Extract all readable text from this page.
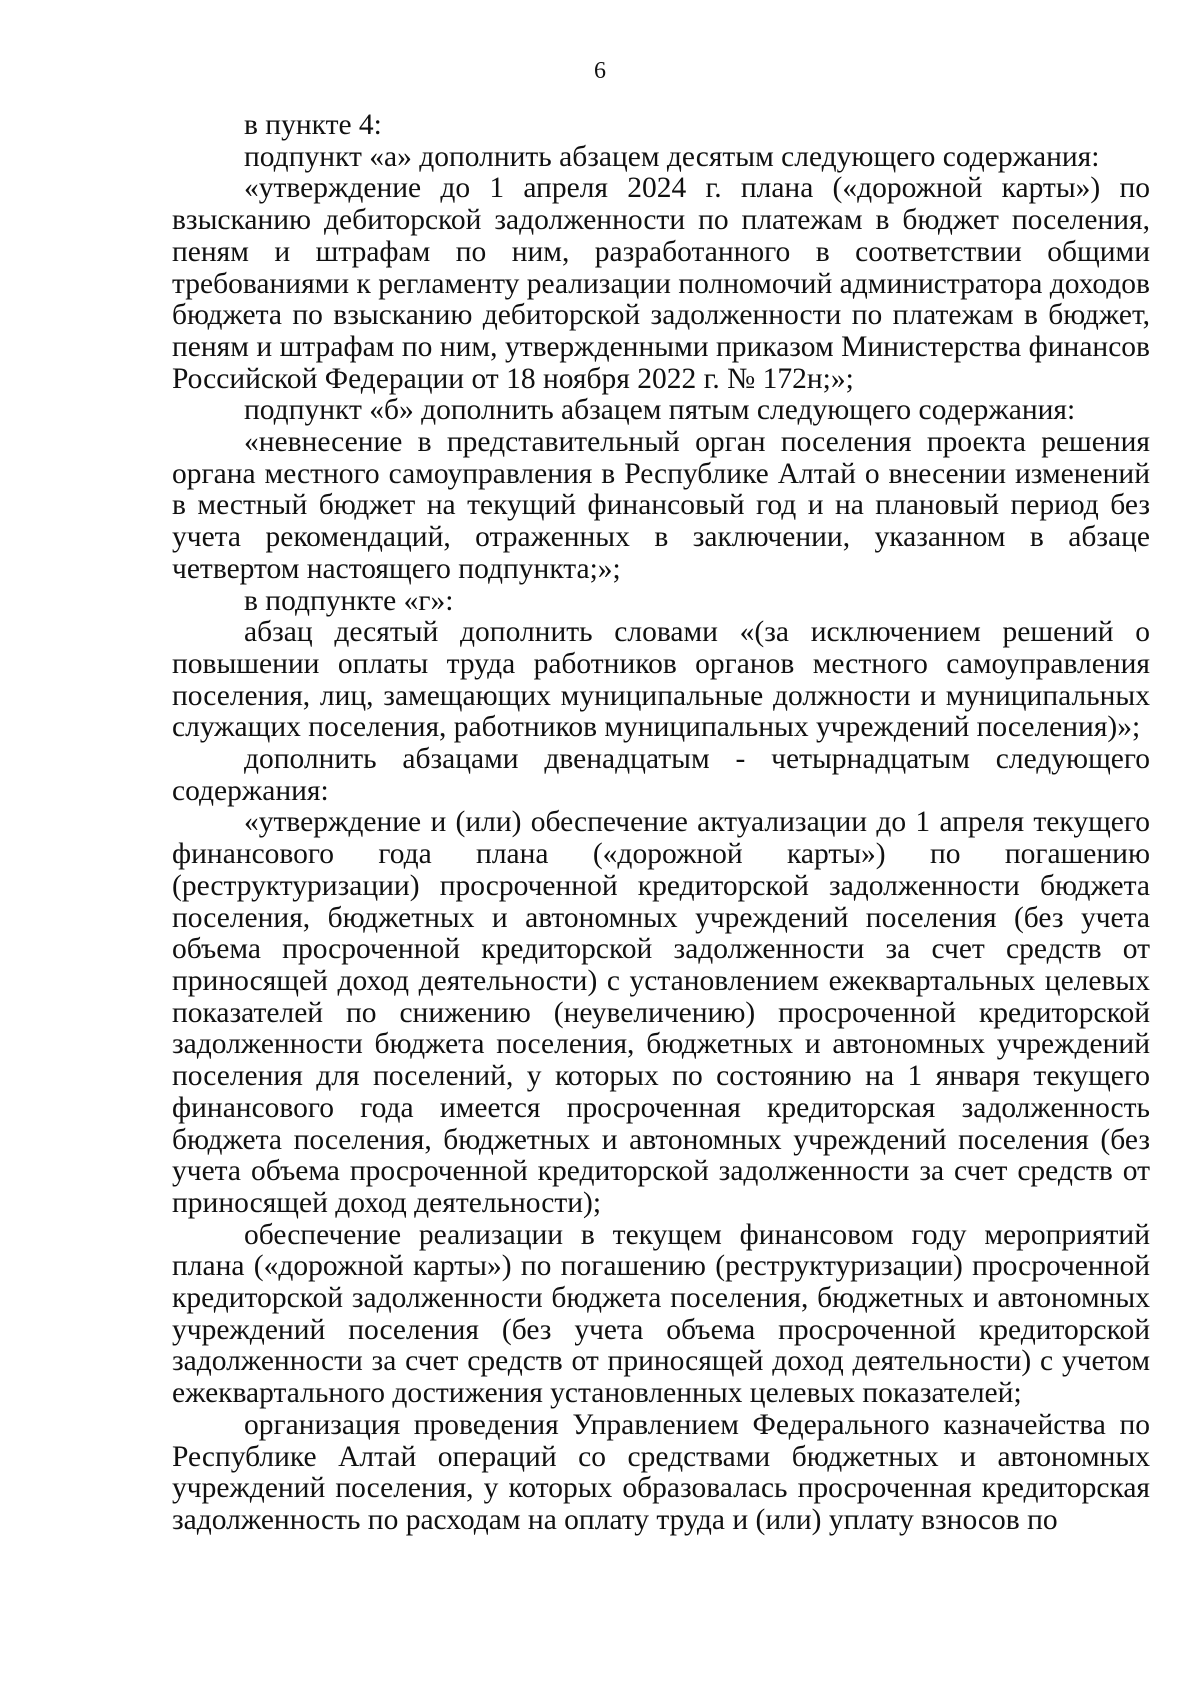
6

в пункте 4:

подпункт «а» дополнить абзацем десятым следующего содержания:

«утверждение до 1 апреля 2024 г. плана («дорожной карты») по взысканию дебиторской задолженности по платежам в бюджет поселения, пеням и штрафам по ним, разработанного в соответствии общими требованиями к регламенту реализации полномочий администратора доходов бюджета по взысканию дебиторской задолженности по платежам в бюджет, пеням и штрафам по ним, утвержденными приказом Министерства финансов Российской Федерации от 18 ноября 2022 г. № 172н;»;

подпункт «б» дополнить абзацем пятым следующего содержания:

«невнесение в представительный орган поселения проекта решения органа местного самоуправления в Республике Алтай о внесении изменений в местный бюджет на текущий финансовый год и на плановый период без учета рекомендаций, отраженных в заключении, указанном в абзаце четвертом настоящего подпункта;»;

в подпункте «г»:

абзац десятый дополнить словами «(за исключением решений о повышении оплаты труда работников органов местного самоуправления поселения, лиц, замещающих муниципальные должности и муниципальных служащих поселения, работников муниципальных учреждений поселения)»;

дополнить абзацами двенадцатым - четырнадцатым следующего содержания:

«утверждение и (или) обеспечение актуализации до 1 апреля текущего финансового года плана («дорожной карты») по погашению (реструктуризации) просроченной кредиторской задолженности бюджета поселения, бюджетных и автономных учреждений поселения (без учета объема просроченной кредиторской задолженности за счет средств от приносящей доход деятельности) с установлением ежеквартальных целевых показателей по снижению (неувеличению) просроченной кредиторской задолженности бюджета поселения, бюджетных и автономных учреждений поселения для поселений, у которых по состоянию на 1 января текущего финансового года имеется просроченная кредиторская задолженность бюджета поселения, бюджетных и автономных учреждений поселения (без учета объема просроченной кредиторской задолженности за счет средств от приносящей доход деятельности);

обеспечение реализации в текущем финансовом году мероприятий плана («дорожной карты») по погашению (реструктуризации) просроченной кредиторской задолженности бюджета поселения, бюджетных и автономных учреждений поселения (без учета объема просроченной кредиторской задолженности за счет средств от приносящей доход деятельности) с учетом ежеквартального достижения установленных целевых показателей;

организация проведения Управлением Федерального казначейства по Республике Алтай операций со средствами бюджетных и автономных учреждений поселения, у которых образовалась просроченная кредиторская задолженность по расходам на оплату труда и (или) уплату взносов по
